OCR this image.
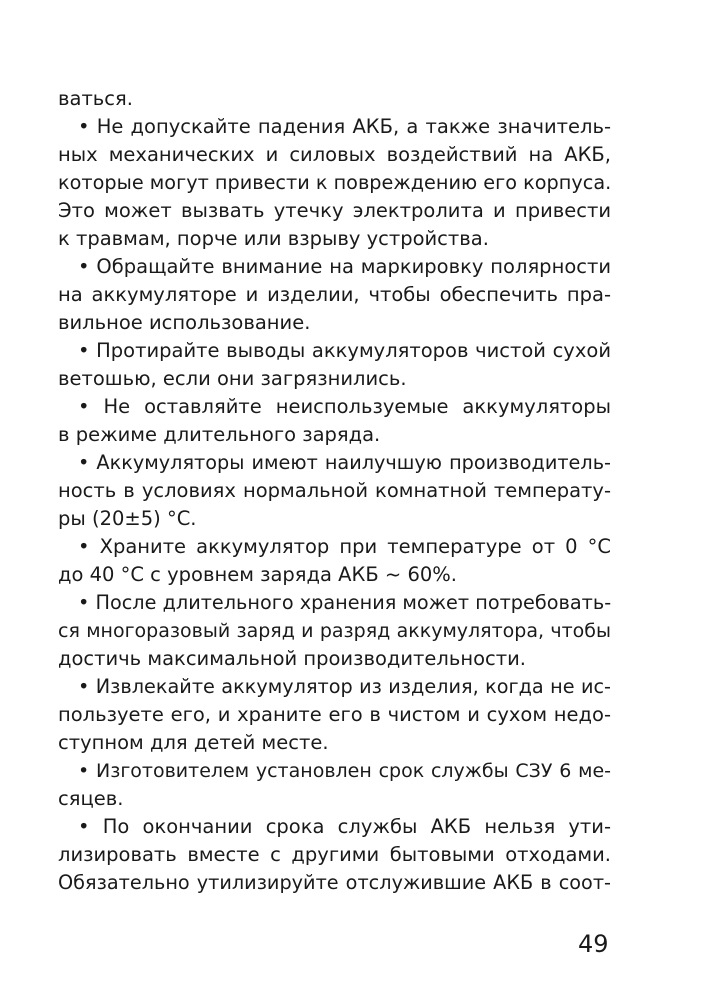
ваться.
• Не допускайте падения АКБ, а также значитель-
ных механических и силовых воздействий на АКБ,
которые могут привести к повреждению его корпуса.
Это может вызвать утечку электролита и привести
к травмам, порче или взрыву устройства.
• Обращайте внимание на маркировку полярности
на аккумуляторе и изделии, чтобы обеспечить пра-
вильное использование.
• Протирайте выводы аккумуляторов чистой сухой
ветошью, если они загрязнились.
• Не оставляйте неиспользуемые аккумуляторы
в режиме длительного заряда.
• Аккумуляторы имеют наилучшую производитель-
ность в условиях нормальной комнатной температу-
ры (20±5) °С.
• Храните аккумулятор при температуре от 0 °С
до 40 °С с уровнем заряда АКБ ~ 60%.
• После длительного хранения может потребовать-
ся многоразовый заряд и разряд аккумулятора, чтобы
достичь максимальной производительности.
• Извлекайте аккумулятор из изделия, когда не ис-
пользуете его, и храните его в чистом и сухом недо-
ступном для детей месте.
• Изготовителем установлен срок службы СЗУ 6 ме-
сяцев.
• По окончании срока службы АКБ нельзя ути-
лизировать вместе с другими бытовыми отходами.
Обязательно утилизируйте отслужившие АКБ в соот-
49
